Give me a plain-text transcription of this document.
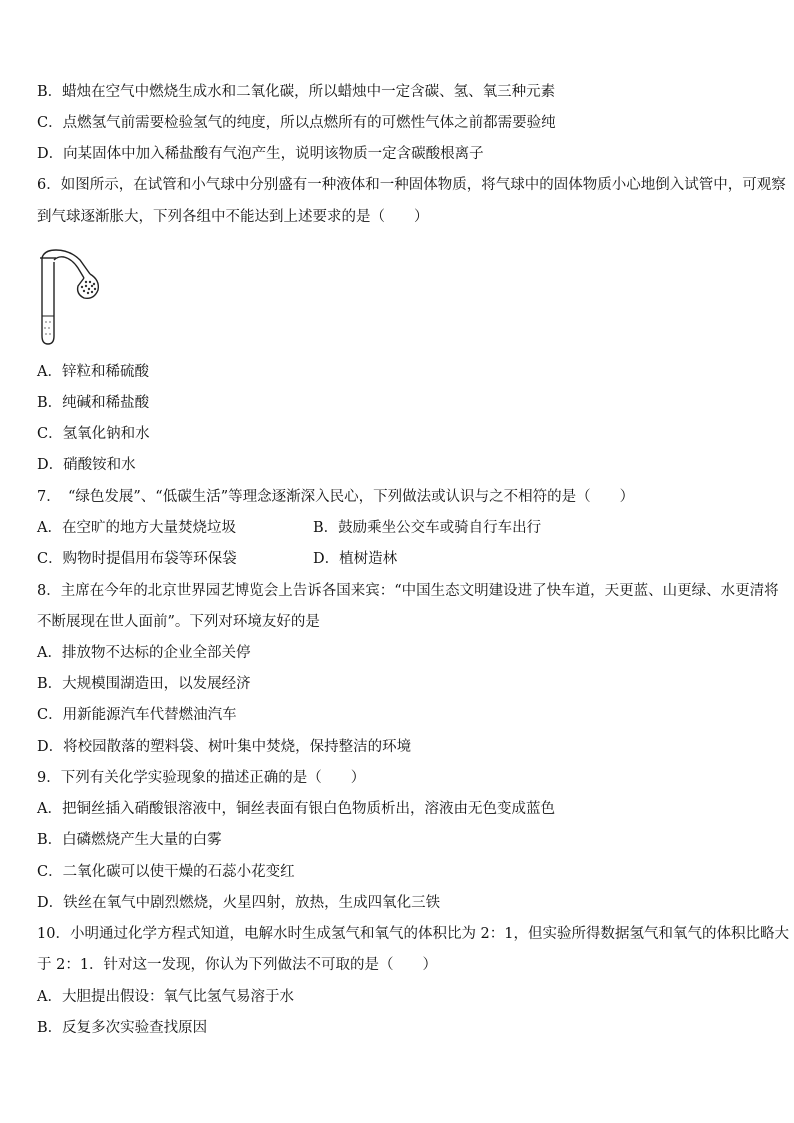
B．蜡烛在空气中燃烧生成水和二氧化碳，所以蜡烛中一定含碳、氢、氧三种元素
C．点燃氢气前需要检验氢气的纯度，所以点燃所有的可燃性气体之前都需要验纯
D．向某固体中加入稀盐酸有气泡产生，说明该物质一定含碳酸根离子
6．如图所示，在试管和小气球中分别盛有一种液体和一种固体物质，将气球中的固体物质小心地倒入试管中，可观察
到气球逐渐胀大，下列各组中不能达到上述要求的是（　　）
A．锌粒和稀硫酸
B．纯碱和稀盐酸
C．氢氧化钠和水
D．硝酸铵和水
7．　“绿色发展”、“低碳生活”等理念逐渐深入民心，下列做法或认识与之不相符的是（　　）
A．在空旷的地方大量焚烧垃圾	B．鼓励乘坐公交车或骑自行车出行
C．购物时提倡用布袋等环保袋	D．植树造林
8．主席在今年的北京世界园艺博览会上告诉各国来宾：“中国生态文明建设进了快车道，天更蓝、山更绿、水更清将
不断展现在世人面前”。下列对环境友好的是
A．排放物不达标的企业全部关停
B．大规模围湖造田，以发展经济
C．用新能源汽车代替燃油汽车
D．将校园散落的塑料袋、树叶集中焚烧，保持整洁的环境
9．下列有关化学实验现象的描述正确的是（　　）
A．把铜丝插入硝酸银溶液中，铜丝表面有银白色物质析出，溶液由无色变成蓝色
B．白磷燃烧产生大量的白雾
C．二氧化碳可以使干燥的石蕊小花变红
D．铁丝在氧气中剧烈燃烧，火星四射，放热，生成四氧化三铁
10．小明通过化学方程式知道，电解水时生成氢气和氧气的体积比为 2：1，但实验所得数据氢气和氧气的体积比略大
于 2：1．针对这一发现，你认为下列做法不可取的是（　　）
A．大胆提出假设：氧气比氢气易溶于水
B．反复多次实验查找原因
